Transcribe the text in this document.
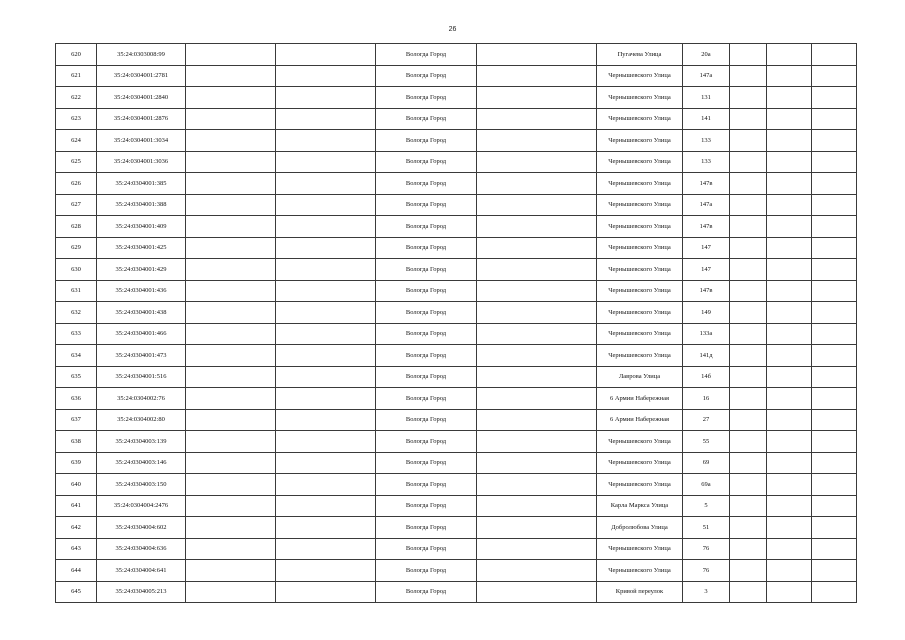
26
620	35:24:0303008:99			Вологда Город		Пугачева Улица	20а			
621	35:24:0304001:2781			Вологда Город		Чернышевского Улица	147а			
622	35:24:0304001:2840			Вологда Город		Чернышевского Улица	131			
623	35:24:0304001:2876			Вологда Город		Чернышевского Улица	141			
624	35:24:0304001:3034			Вологда Город		Чернышевского Улица	133			
625	35:24:0304001:3036			Вологда Город		Чернышевского Улица	133			
626	35:24:0304001:385			Вологда Город		Чернышевского Улица	147в			
627	35:24:0304001:388			Вологда Город		Чернышевского Улица	147а			
628	35:24:0304001:409			Вологда Город		Чернышевского Улица	147в			
629	35:24:0304001:425			Вологда Город		Чернышевского Улица	147			
630	35:24:0304001:429			Вологда Город		Чернышевского Улица	147			
631	35:24:0304001:436			Вологда Город		Чернышевского Улица	147в			
632	35:24:0304001:438			Вологда Город		Чернышевского Улица	149			
633	35:24:0304001:466			Вологда Город		Чернышевского Улица	133а			
634	35:24:0304001:473			Вологда Город		Чернышевского Улица	141д			
635	35:24:0304001:516			Вологда Город		Лаврова Улица	14б			
636	35:24:0304002:76			Вологда Город		6 Армии Набережная	16			
637	35:24:0304002:80			Вологда Город		6 Армии Набережная	27			
638	35:24:0304003:139			Вологда Город		Чернышевского Улица	55			
639	35:24:0304003:146			Вологда Город		Чернышевского Улица	69			
640	35:24:0304003:150			Вологда Город		Чернышевского Улица	69а			
641	35:24:0304004:2476			Вологда Город		Карла Маркса Улица	5			
642	35:24:0304004:602			Вологда Город		Добролюбова Улица	51			
643	35:24:0304004:636			Вологда Город		Чернышевского Улица	76			
644	35:24:0304004:641			Вологда Город		Чернышевского Улица	76			
645	35:24:0304005:213			Вологда Город		Кривой переулок	3			
